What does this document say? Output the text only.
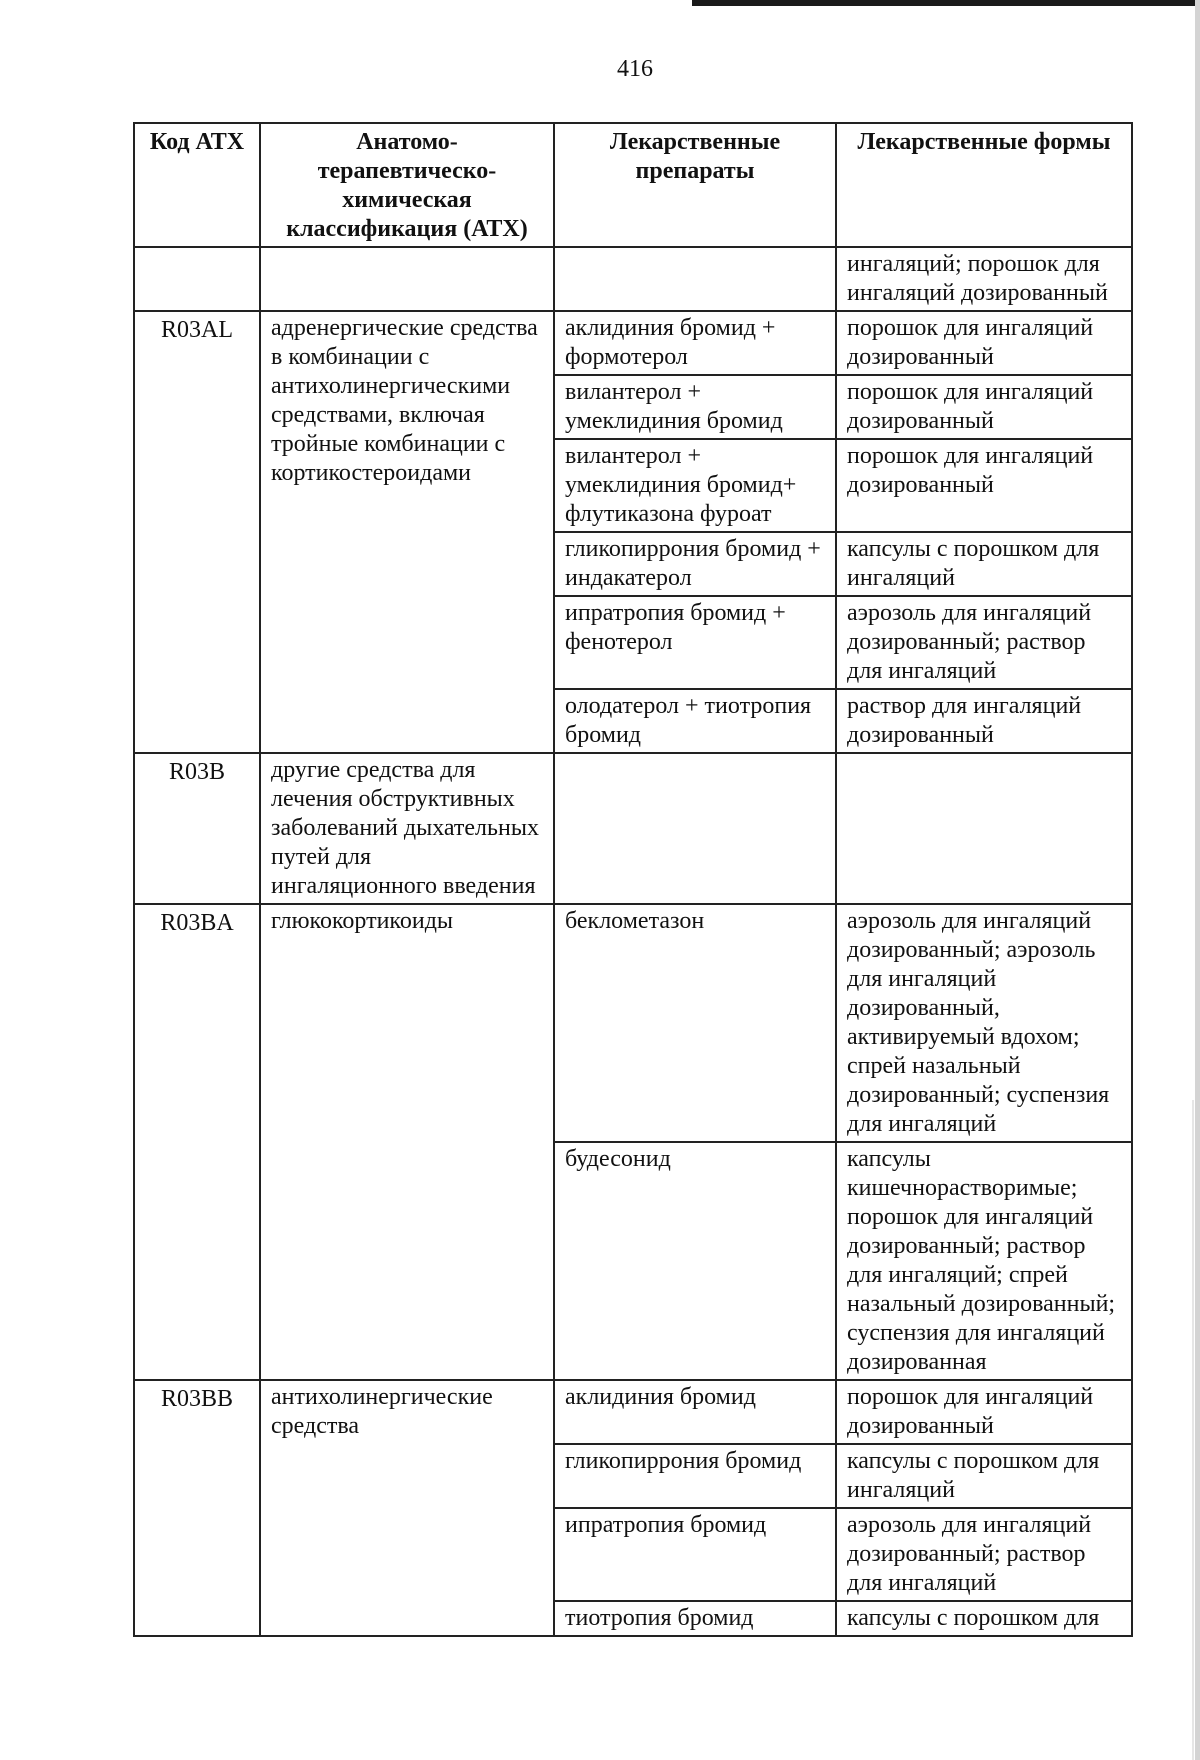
416
Код АТХ	Анатомо-терапевтическо-химическая классификация (АТХ)	Лекарственные препараты	Лекарственные формы
			ингаляций; порошок для ингаляций дозированный
R03AL	адренергические средства в комбинации с антихолинергическими средствами, включая тройные комбинации с кортикостероидами	аклидиния бромид + формотерол	порошок для ингаляций дозированный
		вилантерол + умеклидиния бромид	порошок для ингаляций дозированный
		вилантерол + умеклидиния бромид+ флутиказона фуроат	порошок для ингаляций дозированный
		гликопиррония бромид + индакатерол	капсулы с порошком для ингаляций
		ипратропия бромид + фенотерол	аэрозоль для ингаляций дозированный; раствор для ингаляций
		олодатерол + тиотропия бромид	раствор для ингаляций дозированный
R03B	другие средства для лечения обструктивных заболеваний дыхательных путей для ингаляционного введения		
R03BA	глюкокортикоиды	беклометазон	аэрозоль для ингаляций дозированный; аэрозоль для ингаляций дозированный, активируемый вдохом; спрей назальный дозированный; суспензия для ингаляций
		будесонид	капсулы кишечнорастворимые; порошок для ингаляций дозированный; раствор для ингаляций; спрей назальный дозированный; суспензия для ингаляций дозированная
R03BB	антихолинергические средства	аклидиния бромид	порошок для ингаляций дозированный
		гликопиррония бромид	капсулы с порошком для ингаляций
		ипратропия бромид	аэрозоль для ингаляций дозированный; раствор для ингаляций
		тиотропия бромид	капсулы с порошком для
